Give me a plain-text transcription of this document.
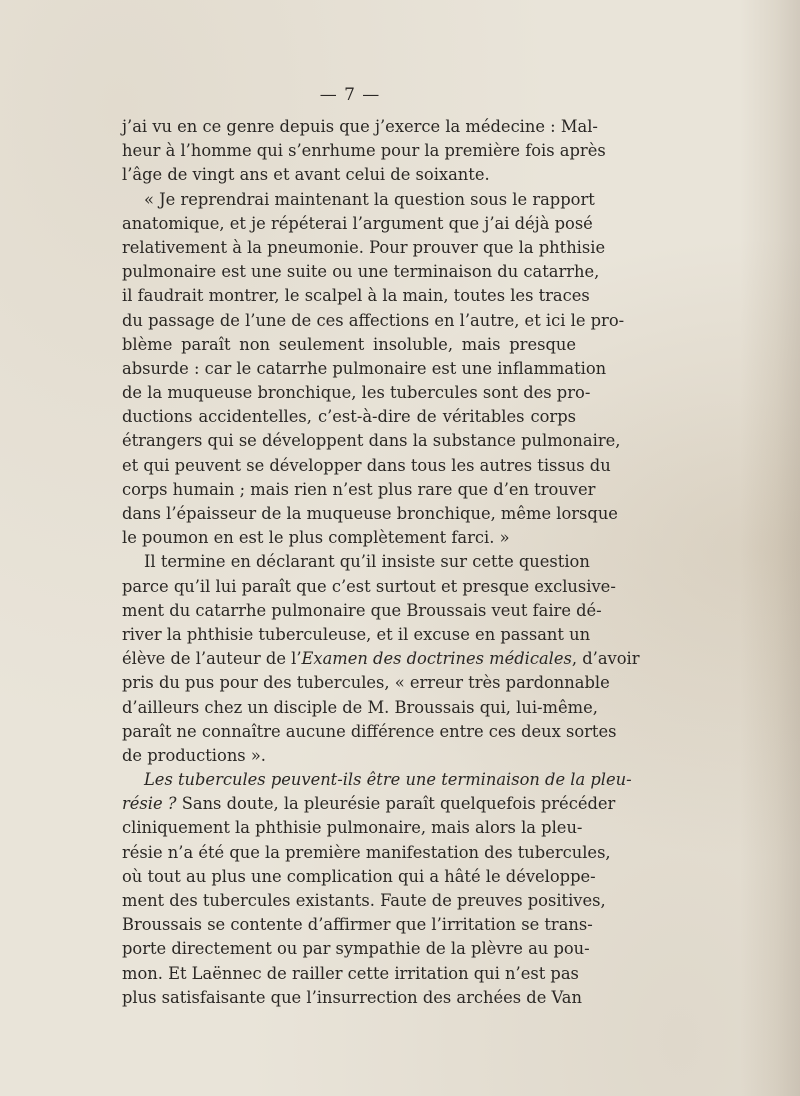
— 7 —
j’ai vu en ce genre depuis que j’exerce la médecine : Mal-
heur à l’homme qui s’enrhume pour la première fois après
l’âge de vingt ans et avant celui de soixante.
« Je reprendrai maintenant la question sous le rapport
anatomique, et je répéterai l’argument que j’ai déjà posé
relativement à la pneumonie. Pour prouver que la phthisie
pulmonaire est une suite ou une terminaison du catarrhe,
il faudrait montrer, le scalpel à la main, toutes les traces
du passage de l’une de ces affections en l’autre, et ici le pro-
blème paraît non seulement insoluble, mais presque
absurde : car le catarrhe pulmonaire est une inflammation
de la muqueuse bronchique, les tubercules sont des pro-
ductions accidentelles, c’est-à-dire de véritables corps
étrangers qui se développent dans la substance pulmonaire,
et qui peuvent se développer dans tous les autres tissus du
corps humain ; mais rien n’est plus rare que d’en trouver
dans l’épaisseur de la muqueuse bronchique, même lorsque
le poumon en est le plus complètement farci. »
Il termine en déclarant qu’il insiste sur cette question
parce qu’il lui paraît que c’est surtout et presque exclusive-
ment du catarrhe pulmonaire que Broussais veut faire dé-
river la phthisie tuberculeuse, et il excuse en passant un
élève de l’auteur de l’Examen des doctrines médicales, d’avoir
pris du pus pour des tubercules, « erreur très pardonnable
d’ailleurs chez un disciple de M. Broussais qui, lui-même,
paraît ne connaître aucune différence entre ces deux sortes
de productions ».
Les tubercules peuvent-ils être une terminaison de la pleu-
résie ? Sans doute, la pleurésie paraît quelquefois précéder
cliniquement la phthisie pulmonaire, mais alors la pleu-
résie n’a été que la première manifestation des tubercules,
où tout au plus une complication qui a hâté le développe-
ment des tubercules existants. Faute de preuves positives,
Broussais se contente d’affirmer que l’irritation se trans-
porte directement ou par sympathie de la plèvre au pou-
mon. Et Laënnec de railler cette irritation qui n’est pas
plus satisfaisante que l’insurrection des archées de Van
